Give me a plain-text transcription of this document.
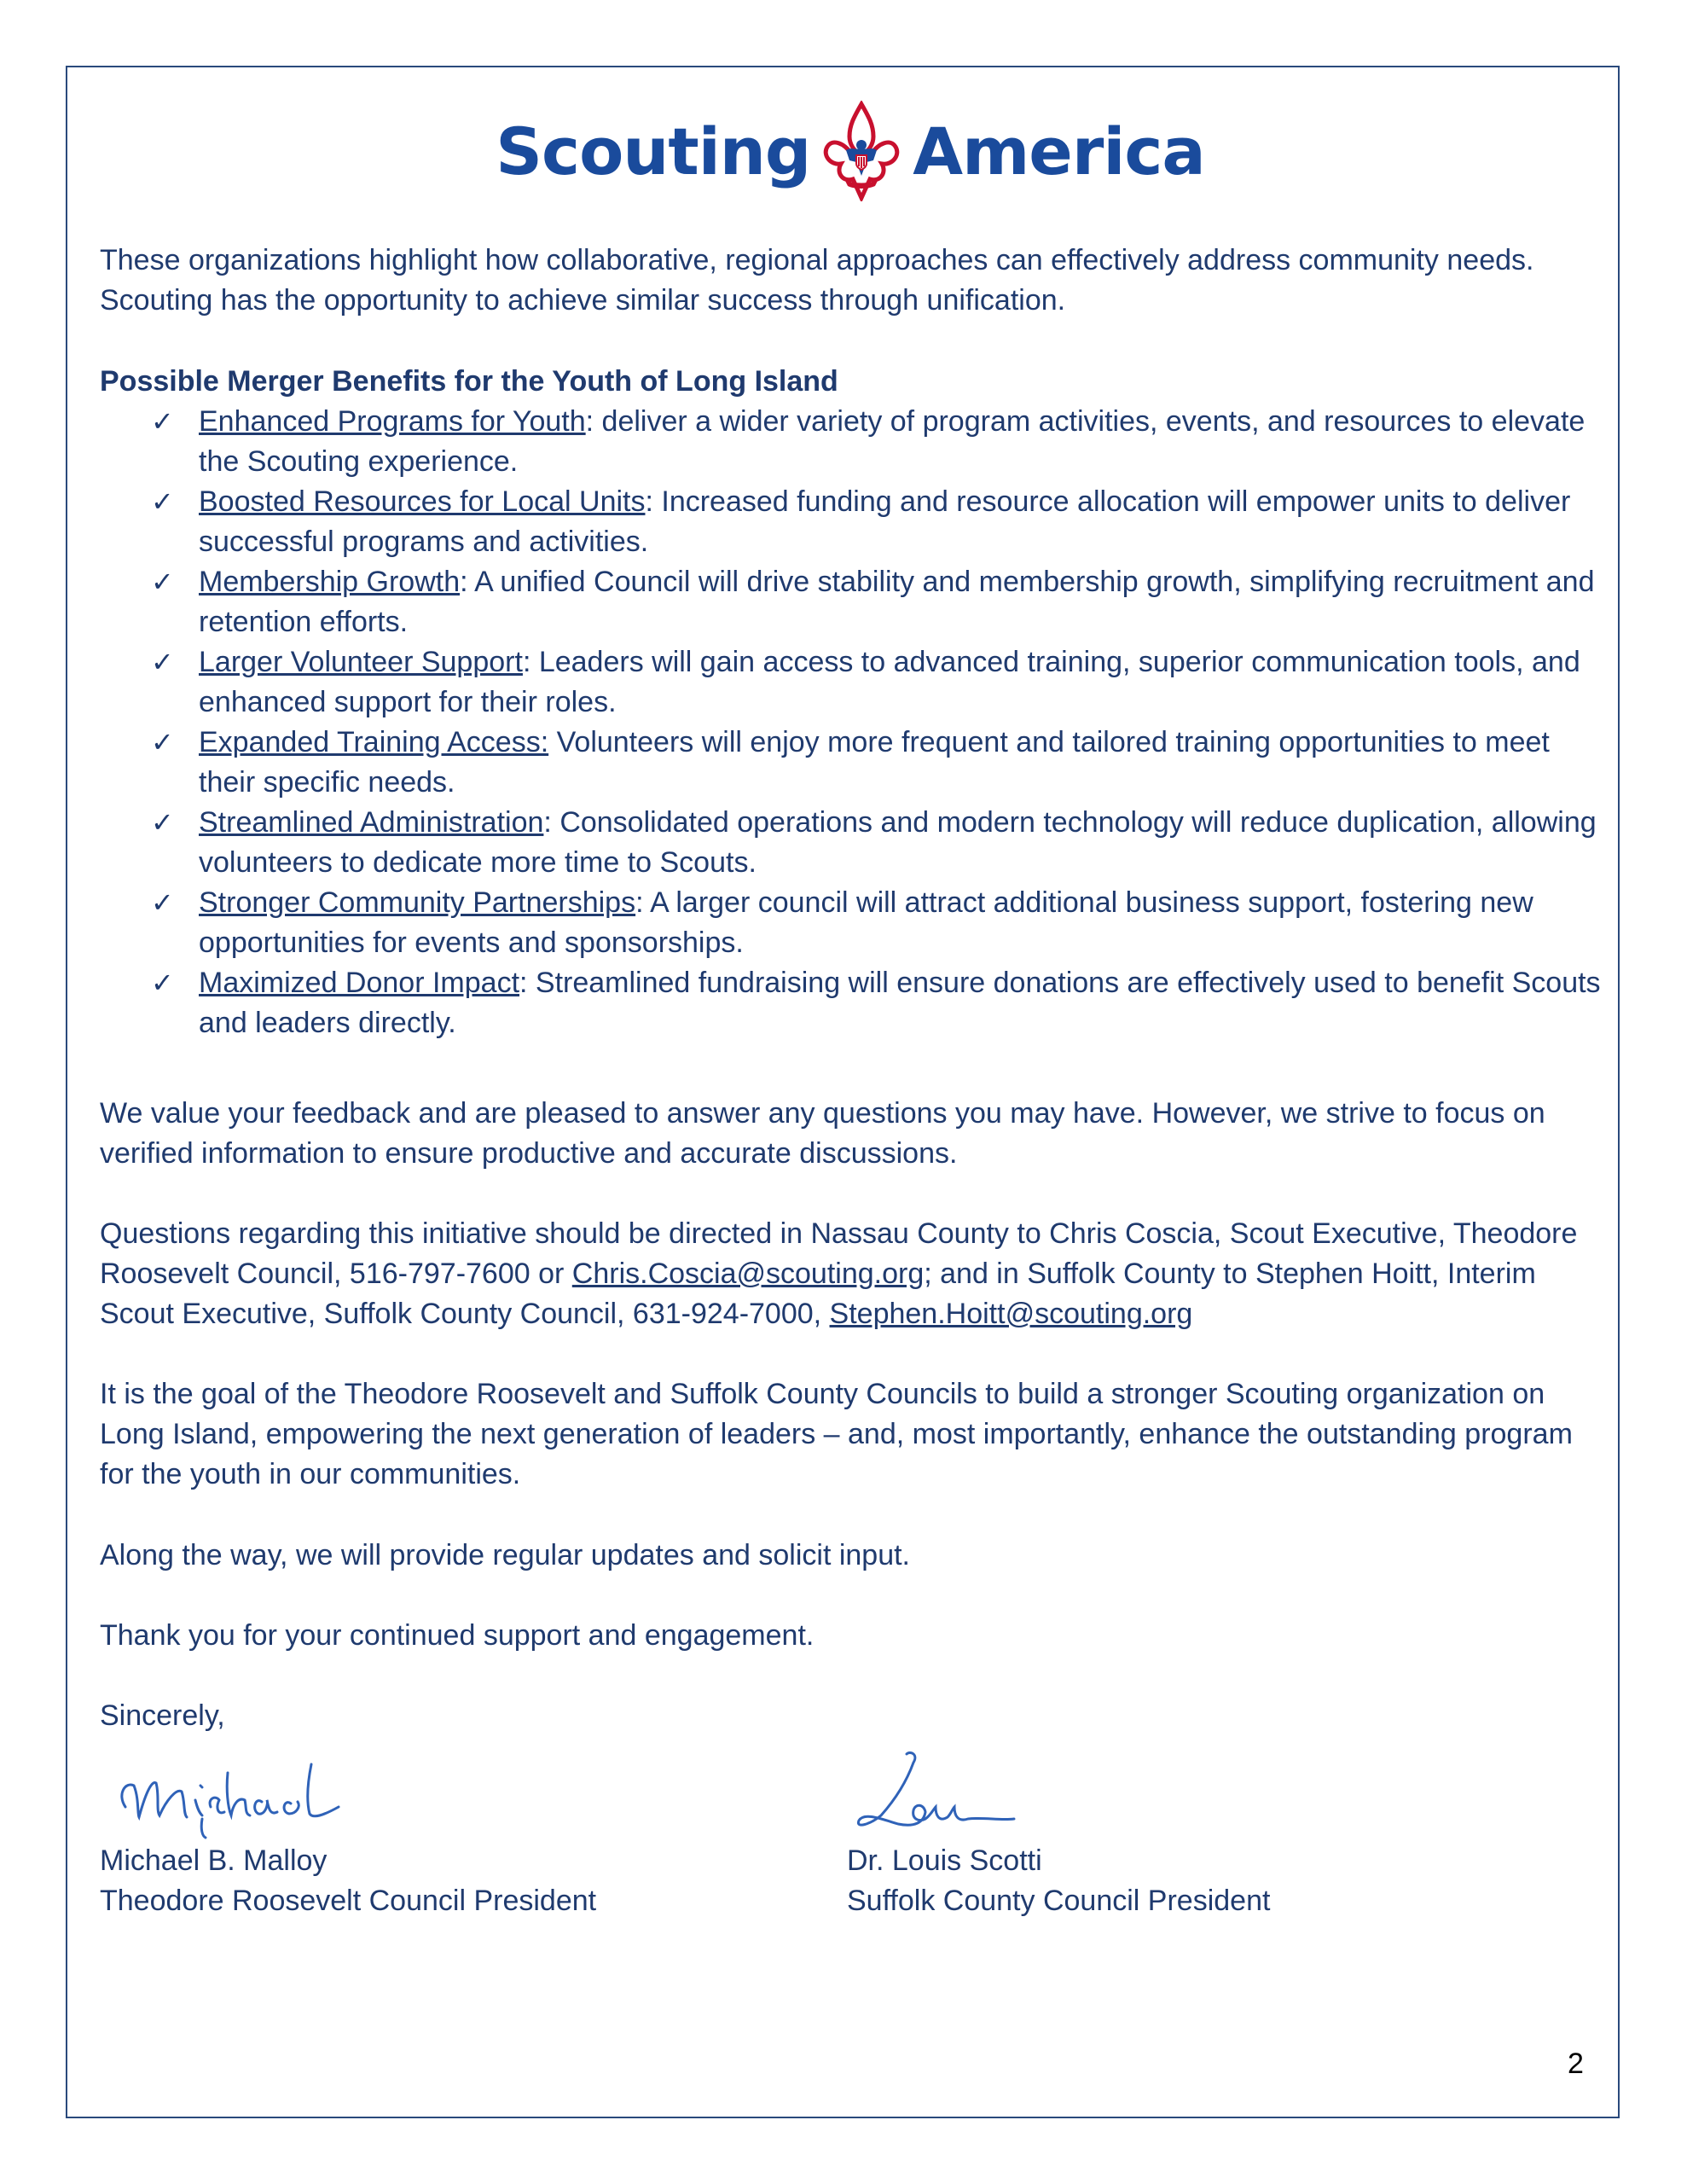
Scouting America

These organizations highlight how collaborative, regional approaches can effectively address community needs. Scouting has the opportunity to achieve similar success through unification.

Possible Merger Benefits for the Youth of Long Island

✓ Enhanced Programs for Youth: deliver a wider variety of program activities, events, and resources to elevate the Scouting experience.
✓ Boosted Resources for Local Units: Increased funding and resource allocation will empower units to deliver successful programs and activities.
✓ Membership Growth: A unified Council will drive stability and membership growth, simplifying recruitment and retention efforts.
✓ Larger Volunteer Support: Leaders will gain access to advanced training, superior communication tools, and enhanced support for their roles.
✓ Expanded Training Access: Volunteers will enjoy more frequent and tailored training opportunities to meet their specific needs.
✓ Streamlined Administration: Consolidated operations and modern technology will reduce duplication, allowing volunteers to dedicate more time to Scouts.
✓ Stronger Community Partnerships: A larger council will attract additional business support, fostering new opportunities for events and sponsorships.
✓ Maximized Donor Impact: Streamlined fundraising will ensure donations are effectively used to benefit Scouts and leaders directly.

We value your feedback and are pleased to answer any questions you may have. However, we strive to focus on verified information to ensure productive and accurate discussions.

Questions regarding this initiative should be directed in Nassau County to Chris Coscia, Scout Executive, Theodore Roosevelt Council, 516-797-7600 or Chris.Coscia@scouting.org; and in Suffolk County to Stephen Hoitt, Interim Scout Executive, Suffolk County Council, 631-924-7000, Stephen.Hoitt@scouting.org

It is the goal of the Theodore Roosevelt and Suffolk County Councils to build a stronger Scouting organization on Long Island, empowering the next generation of leaders – and, most importantly, enhance the outstanding program for the youth in our communities.

Along the way, we will provide regular updates and solicit input.

Thank you for your continued support and engagement.

Sincerely,

Michael B. Malloy
Theodore Roosevelt Council President
Dr. Louis Scotti
Suffolk County Council President
2
